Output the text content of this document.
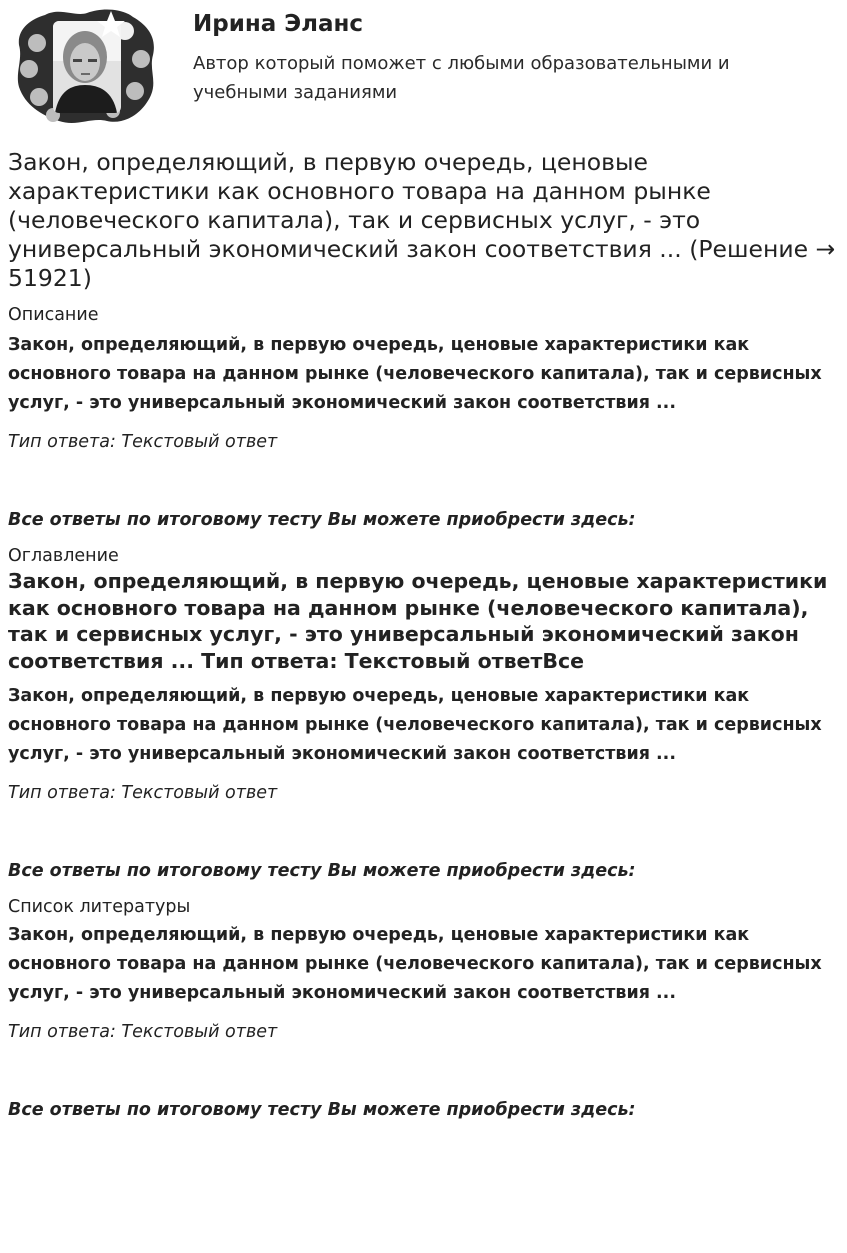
Ирина Эланс

Автор который поможет с любыми образовательными и учебными заданиями

Закон, определяющий, в первую очередь, ценовые характеристики как основного товара на данном рынке (человеческого капитала), так и сервисных услуг, - это универсальный экономический закон соответствия ... (Решение → 51921)

Описание

Закон, определяющий, в первую очередь, ценовые характеристики как основного товара на данном рынке (человеческого капитала), так и сервисных услуг, - это универсальный экономический закон соответствия ...

Тип ответа: Текстовый ответ

Все ответы по итоговому тесту Вы можете приобрести здесь:

Оглавление

Закон, определяющий, в первую очередь, ценовые характеристики как основного товара на данном рынке (человеческого капитала), так и сервисных услуг, - это универсальный экономический закон соответствия ... Тип ответа: Текстовый ответВсе

Закон, определяющий, в первую очередь, ценовые характеристики как основного товара на данном рынке (человеческого капитала), так и сервисных услуг, - это универсальный экономический закон соответствия ...

Тип ответа: Текстовый ответ

Все ответы по итоговому тесту Вы можете приобрести здесь:

Список литературы

Закон, определяющий, в первую очередь, ценовые характеристики как основного товара на данном рынке (человеческого капитала), так и сервисных услуг, - это универсальный экономический закон соответствия ...

Тип ответа: Текстовый ответ

Все ответы по итоговому тесту Вы можете приобрести здесь:
